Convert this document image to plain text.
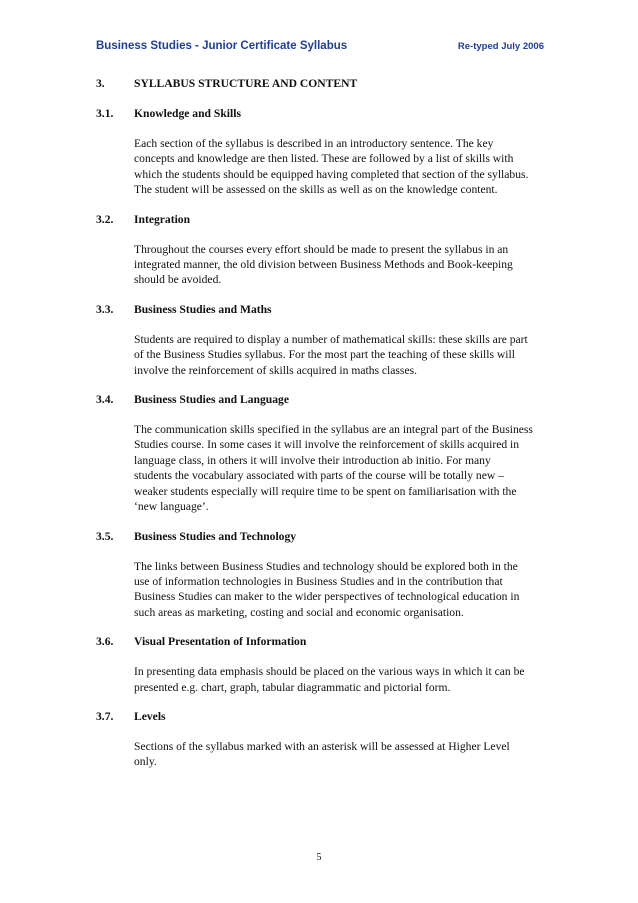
Business Studies - Junior Certificate Syllabus	Re-typed July 2006
3.	SYLLABUS STRUCTURE AND CONTENT
3.1. Knowledge and Skills
Each section of the syllabus is described in an introductory sentence. The key
concepts and knowledge are then listed. These are followed by a list of skills with
which the students should be equipped having completed that section of the syllabus.
The student will be assessed on the skills as well as on the knowledge content.
3.2. Integration
Throughout the courses every effort should be made to present the syllabus in an
integrated manner, the old division between Business Methods and Book-keeping
should be avoided.
3.3. Business Studies and Maths
Students are required to display a number of mathematical skills: these skills are part
of the Business Studies syllabus. For the most part the teaching of these skills will
involve the reinforcement of skills acquired in maths classes.
3.4. Business Studies and Language
The communication skills specified in the syllabus are an integral part of the Business
Studies course. In some cases it will involve the reinforcement of skills acquired in
language class, in others it will involve their introduction ab initio. For many
students the vocabulary associated with parts of the course will be totally new –
weaker students especially will require time to be spent on familiarisation with the
‘new language’.
3.5. Business Studies and Technology
The links between Business Studies and technology should be explored both in the
use of information technologies in Business Studies and in the contribution that
Business Studies can maker to the wider perspectives of technological education in
such areas as marketing, costing and social and economic organisation.
3.6. Visual Presentation of Information
In presenting data emphasis should be placed on the various ways in which it can be
presented e.g. chart, graph, tabular diagrammatic and pictorial form.
3.7. Levels
Sections of the syllabus marked with an asterisk will be assessed at Higher Level
only.
5
